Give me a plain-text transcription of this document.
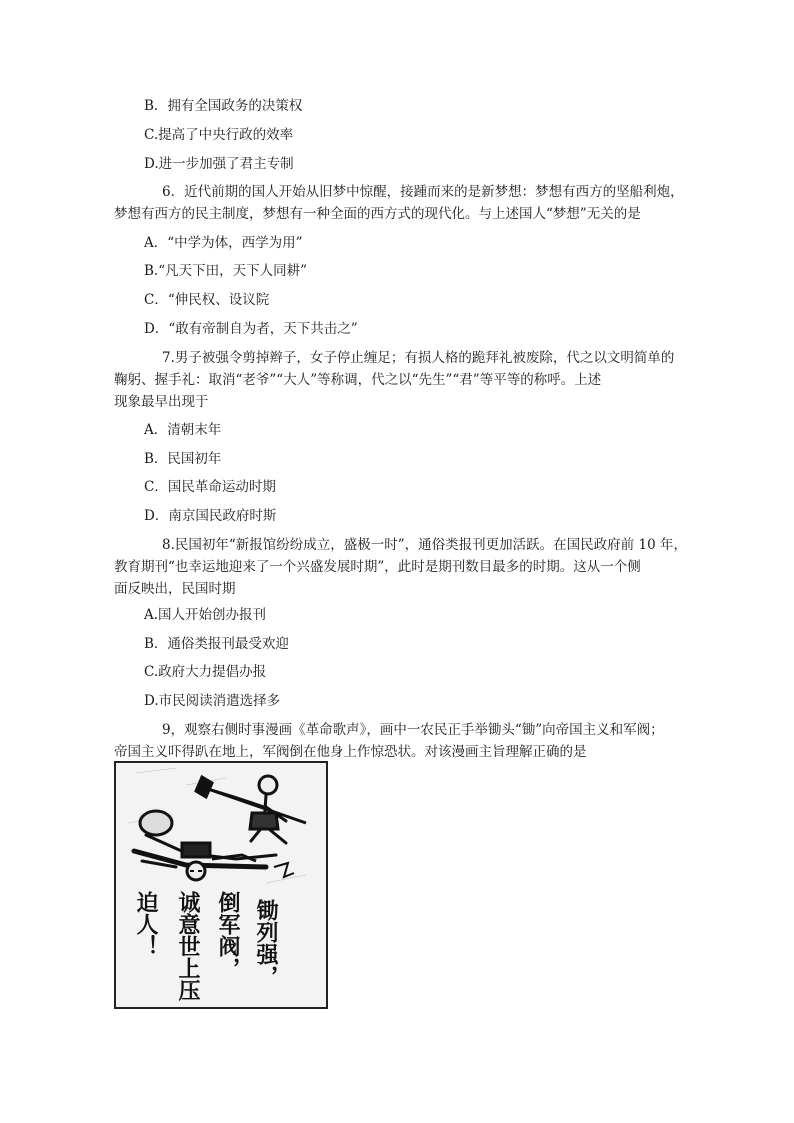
B．拥有全国政务的决策权
C.提高了中央行政的效率
D.进一步加强了君主专制
6．近代前期的国人开始从旧梦中惊醒，接踵而来的是新梦想：梦想有西方的坚船利炮，
梦想有西方的民主制度，梦想有一种全面的西方式的现代化。与上述国人“梦想”无关的是
A．“中学为体，西学为用”
B.“凡天下田，天下人同耕”
C．“伸民权、设议院
D．“敢有帝制自为者，天下共击之”
7.男子被强令剪掉辫子，女子停止缠足；有损人格的跪拜礼被废除，代之以文明简单的
鞠躬、握手礼：取消“老爷”“大人”等称调，代之以“先生”“君”等平等的称呼。上述
现象最早出现于
A．清朝末年
B．民国初年
C．国民革命运动时期
D．南京国民政府时斯
8.民国初年“新报馆纷纷成立，盛极一时”，通俗类报刊更加活跃。在国民政府前 10 年，
教育期刊“也幸运地迎来了一个兴盛发展时期”，此时是期刊数目最多的时期。这从一个侧
面反映出，民国时期
A.国人开始创办报刊
B．通俗类报刊最受欢迎
C.政府大力提倡办报
D.市民阅读消遣选择多
9，观察右侧时事漫画《革命歌声》，画中一农民正手举锄头“锄”向帝国主义和军阀；
帝国主义吓得趴在地上，军阀倒在他身上作惊恐状。对该漫画主旨理解正确的是
锄列强，
倒军阀，
诚意世上压
迫人！
